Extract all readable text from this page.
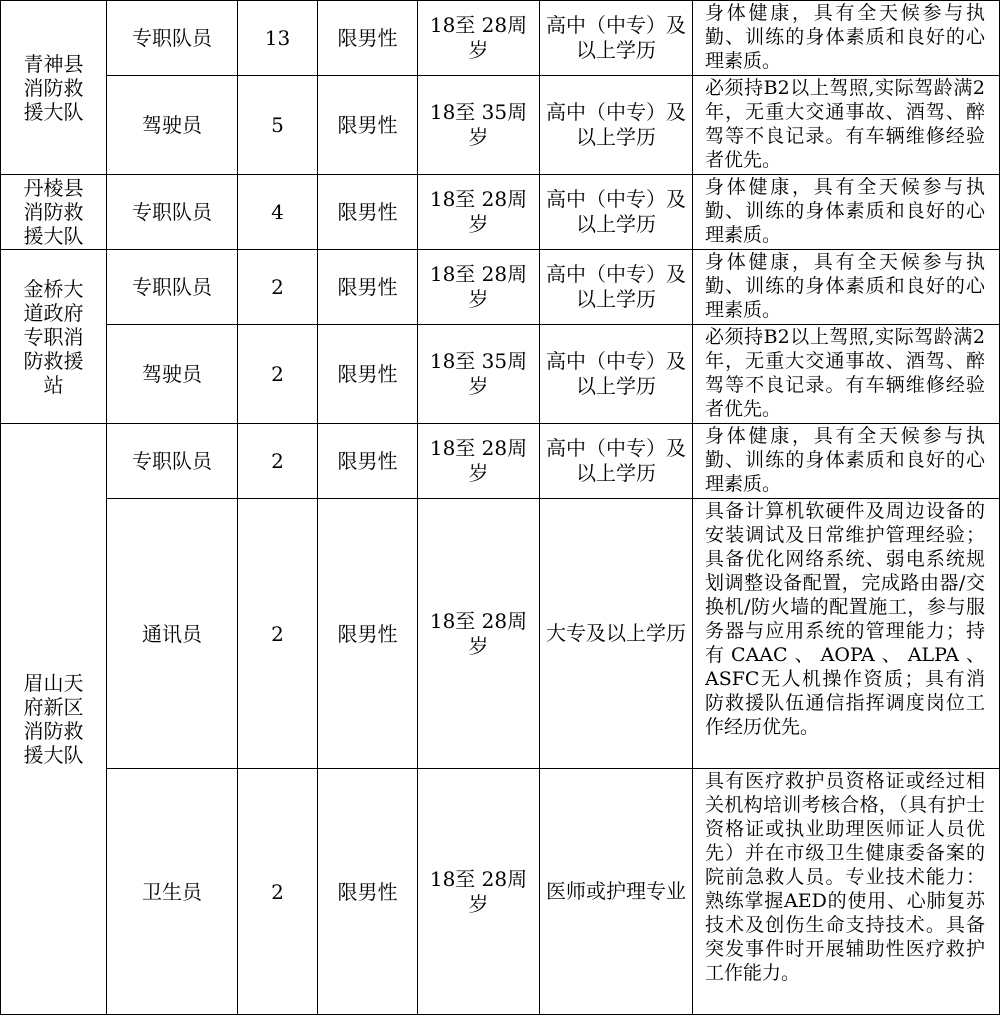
青神县消防救援大队	专职队员	13	限男性	18至 28周岁	高中（中专）及以上学历	身体健康，具有全天候参与执勤、训练的身体素质和良好的心理素质。
	驾驶员	5	限男性	18至 35周岁	高中（中专）及以上学历	必须持B2以上驾照,实际驾龄满2年，无重大交通事故、酒驾、醉驾等不良记录。有车辆维修经验者优先。
丹棱县消防救援大队	专职队员	4	限男性	18至 28周岁	高中（中专）及以上学历	身体健康，具有全天候参与执勤、训练的身体素质和良好的心理素质。
金桥大道政府专职消防救援站	专职队员	2	限男性	18至 28周岁	高中（中专）及以上学历	身体健康，具有全天候参与执勤、训练的身体素质和良好的心理素质。
	驾驶员	2	限男性	18至 35周岁	高中（中专）及以上学历	必须持B2以上驾照,实际驾龄满2年，无重大交通事故、酒驾、醉驾等不良记录。有车辆维修经验者优先。
眉山天府新区消防救援大队	专职队员	2	限男性	18至 28周岁	高中（中专）及以上学历	身体健康，具有全天候参与执勤、训练的身体素质和良好的心理素质。
	通讯员	2	限男性	18至 28周岁	大专及以上学历	具备计算机软硬件及周边设备的安装调试及日常维护管理经验；具备优化网络系统、弱电系统规划调整设备配置，完成路由器/交换机/防火墙的配置施工，参与服务器与应用系统的管理能力；持有CAAC、AOPA、ALPA、ASFC无人机操作资质；具有消防救援队伍通信指挥调度岗位工作经历优先。
	卫生员	2	限男性	18至 28周岁	医师或护理专业	具有医疗救护员资格证或经过相关机构培训考核合格，（具有护士资格证或执业助理医师证人员优先）并在市级卫生健康委备案的院前急救人员。专业技术能力：熟练掌握AED的使用、心肺复苏技术及创伤生命支持技术。具备突发事件时开展辅助性医疗救护工作能力。
